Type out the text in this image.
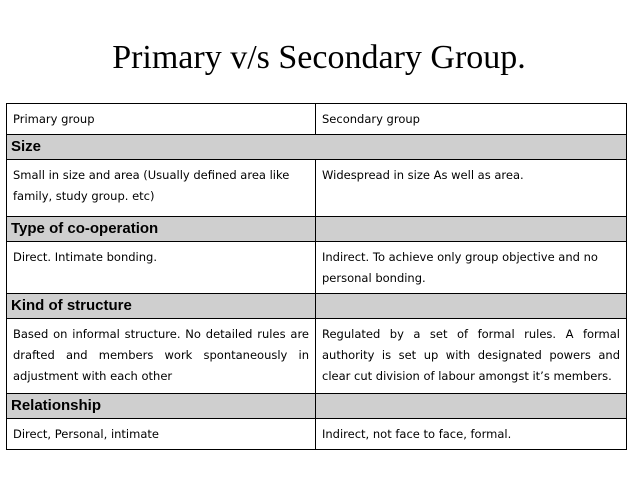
Primary v/s Secondary Group.
Primary group	Secondary group
Size	
Small in size and area (Usually defined area like family, study group. etc)	Widespread in size As well as area.
Type of co-operation	
Direct. Intimate bonding.	Indirect. To achieve only group objective and no personal bonding.
Kind of structure	
Based on informal structure. No detailed rules are drafted and members work spontaneously in adjustment with each other	Regulated by a set of formal rules. A formal authority is set up with designated powers and clear cut division of labour amongst it’s members.
Relationship	
Direct, Personal, intimate	Indirect, not face to face, formal.
